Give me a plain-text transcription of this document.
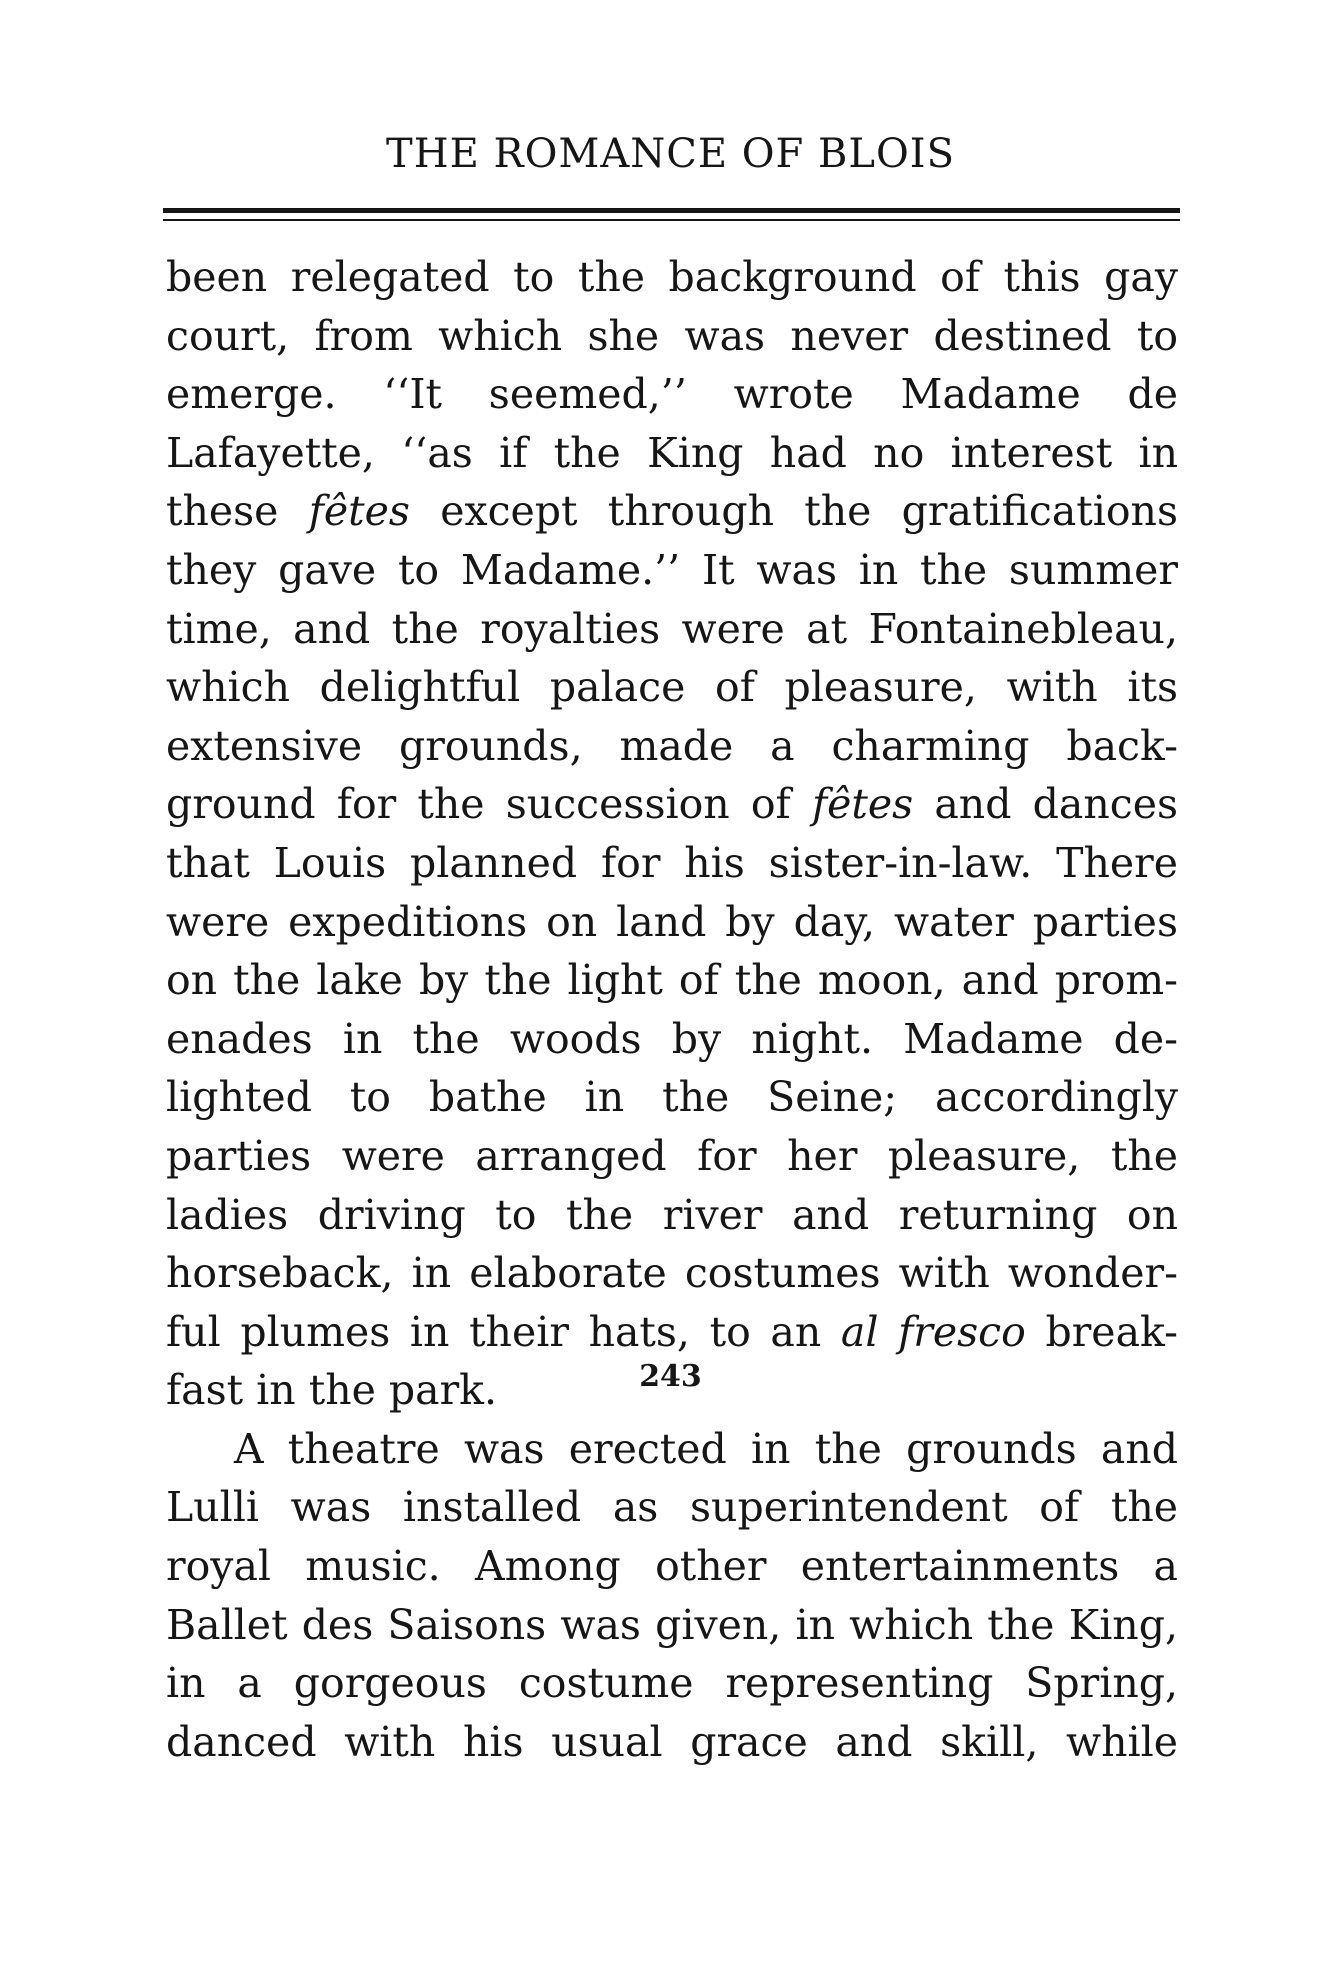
THE ROMANCE OF BLOIS
been relegated to the background of this gay
court, from which she was never destined to
emerge. ‘‘It seemed,’’ wrote Madame de
Lafayette, ‘‘as if the King had no interest in
these fêtes except through the gratifications
they gave to Madame.’’ It was in the summer
time, and the royalties were at Fontainebleau,
which delightful palace of pleasure, with its
extensive grounds, made a charming back-
ground for the succession of fêtes and dances
that Louis planned for his sister-in-law. There
were expeditions on land by day, water parties
on the lake by the light of the moon, and prom-
enades in the woods by night. Madame de-
lighted to bathe in the Seine; accordingly
parties were arranged for her pleasure, the
ladies driving to the river and returning on
horseback, in elaborate costumes with wonder-
ful plumes in their hats, to an al fresco break-
fast in the park.
A theatre was erected in the grounds and
Lulli was installed as superintendent of the
royal music. Among other entertainments a
Ballet des Saisons was given, in which the King,
in a gorgeous costume representing Spring,
danced with his usual grace and skill, while
243
